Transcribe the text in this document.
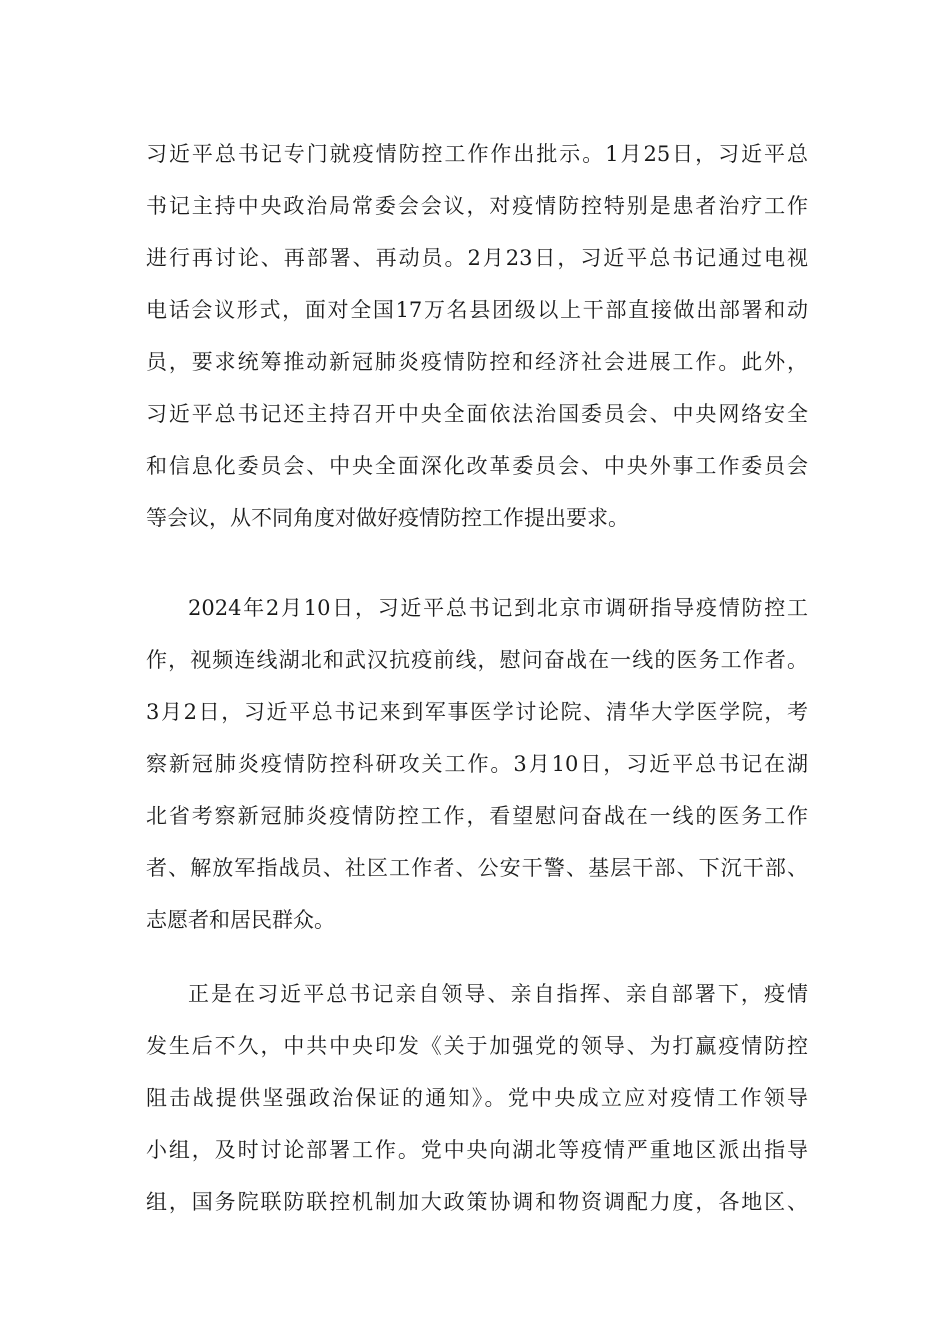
习近平总书记专门就疫情防控工作作出批示。1月25日，习近平总
书记主持中央政治局常委会会议，对疫情防控特别是患者治疗工作
进行再讨论、再部署、再动员。2月23日，习近平总书记通过电视
电话会议形式，面对全国17万名县团级以上干部直接做出部署和动
员，要求统筹推动新冠肺炎疫情防控和经济社会进展工作。此外，
习近平总书记还主持召开中央全面依法治国委员会、中央网络安全
和信息化委员会、中央全面深化改革委员会、中央外事工作委员会
等会议，从不同角度对做好疫情防控工作提出要求。

2024年2月10日，习近平总书记到北京市调研指导疫情防控工
作，视频连线湖北和武汉抗疫前线，慰问奋战在一线的医务工作者。
3月2日，习近平总书记来到军事医学讨论院、清华大学医学院，考
察新冠肺炎疫情防控科研攻关工作。3月10日，习近平总书记在湖
北省考察新冠肺炎疫情防控工作，看望慰问奋战在一线的医务工作
者、解放军指战员、社区工作者、公安干警、基层干部、下沉干部、
志愿者和居民群众。

正是在习近平总书记亲自领导、亲自指挥、亲自部署下，疫情
发生后不久，中共中央印发《关于加强党的领导、为打赢疫情防控
阻击战提供坚强政治保证的通知》。党中央成立应对疫情工作领导
小组，及时讨论部署工作。党中央向湖北等疫情严重地区派出指导
组，国务院联防联控机制加大政策协调和物资调配力度，各地区、
